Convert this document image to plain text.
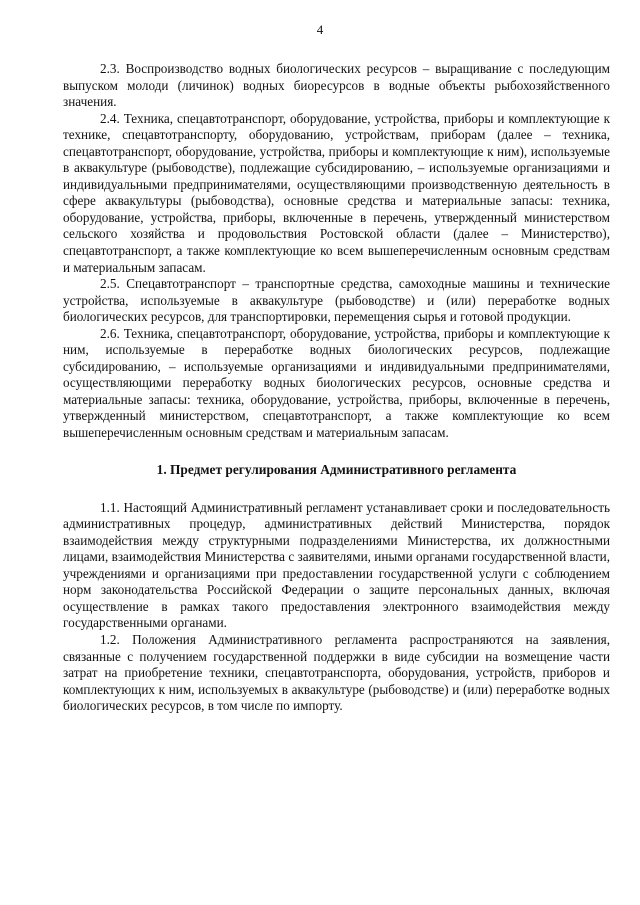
4

2.3. Воспроизводство водных биологических ресурсов – выращивание с последующим выпуском молоди (личинок) водных биоресурсов в водные объекты рыбохозяйственного значения.

2.4. Техника, спецавтотранспорт, оборудование, устройства, приборы и комплектующие к технике, спецавтотранспорту, оборудованию, устройствам, приборам (далее – техника, спецавтотранспорт, оборудование, устройства, приборы и комплектующие к ним), используемые в аквакультуре (рыбоводстве), подлежащие субсидированию, – используемые организациями и индивидуальными предпринимателями, осуществляющими производственную деятельность в сфере аквакультуры (рыбоводства), основные средства и материальные запасы: техника, оборудование, устройства, приборы, включенные в перечень, утвержденный министерством сельского хозяйства и продовольствия Ростовской области (далее – Министерство), спецавтотранспорт, а также комплектующие ко всем вышеперечисленным основным средствам и материальным запасам.

2.5. Спецавтотранспорт – транспортные средства, самоходные машины и технические устройства, используемые в аквакультуре (рыбоводстве) и (или) переработке водных биологических ресурсов, для транспортировки, перемещения сырья и готовой продукции.

2.6. Техника, спецавтотранспорт, оборудование, устройства, приборы и комплектующие к ним, используемые в переработке водных биологических ресурсов, подлежащие субсидированию, – используемые организациями и индивидуальными предпринимателями, осуществляющими переработку водных биологических ресурсов, основные средства и материальные запасы: техника, оборудование, устройства, приборы, включенные в перечень, утвержденный министерством, спецавтотранспорт, а также комплектующие ко всем вышеперечисленным основным средствам и материальным запасам.

1. Предмет регулирования Административного регламента

1.1. Настоящий Административный регламент устанавливает сроки и последовательность административных процедур, административных действий Министерства, порядок взаимодействия между структурными подразделениями Министерства, их должностными лицами, взаимодействия Министерства с заявителями, иными органами государственной власти, учреждениями и организациями при предоставлении государственной услуги с соблюдением норм законодательства Российской Федерации о защите персональных данных, включая осуществление в рамках такого предоставления электронного взаимодействия между государственными органами.

1.2. Положения Административного регламента распространяются на заявления, связанные с получением государственной поддержки в виде субсидии на возмещение части затрат на приобретение техники, спецавтотранспорта, оборудования, устройств, приборов и комплектующих к ним, используемых в аквакультуре (рыбоводстве) и (или) переработке водных биологических ресурсов, в том числе по импорту.
